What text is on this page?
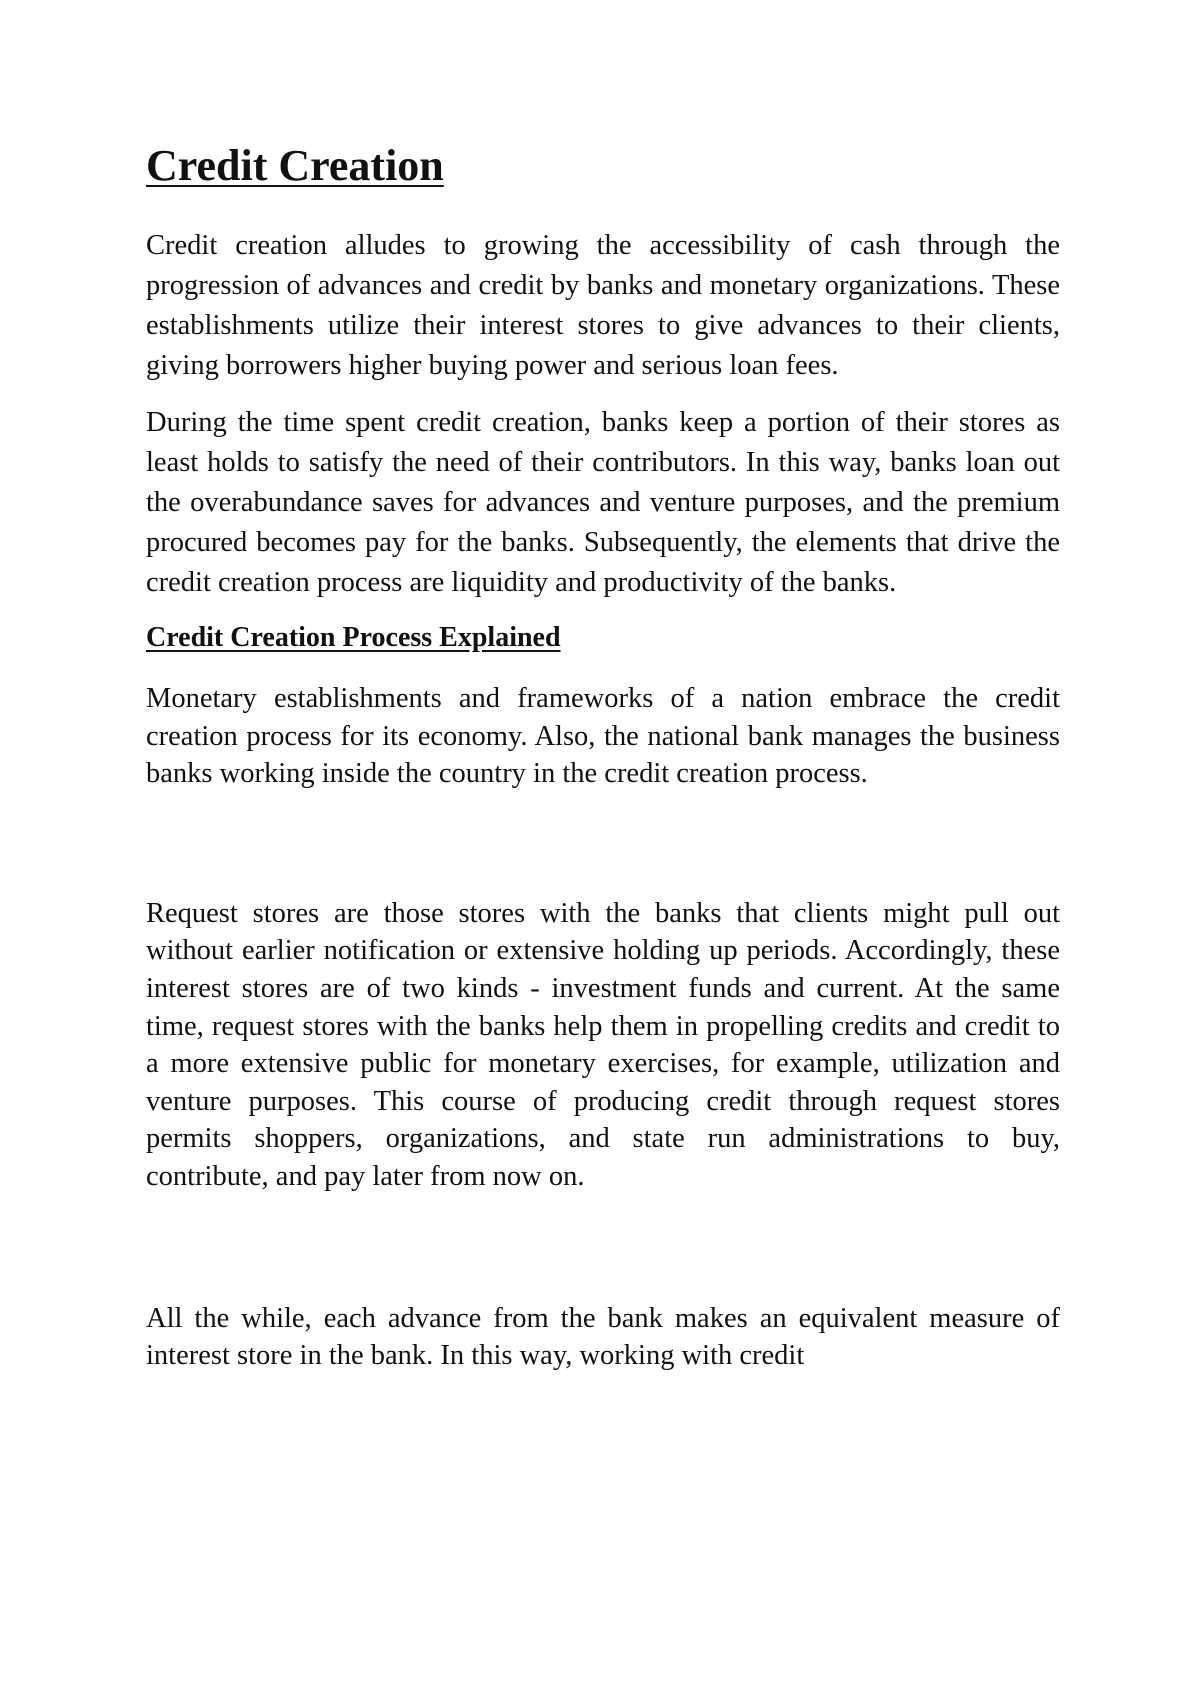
Credit Creation

Credit creation alludes to growing the accessibility of cash through the progression of advances and credit by banks and monetary organizations. These establishments utilize their interest stores to give advances to their clients, giving borrowers higher buying power and serious loan fees.

During the time spent credit creation, banks keep a portion of their stores as least holds to satisfy the need of their contributors. In this way, banks loan out the overabundance saves for advances and venture purposes, and the premium procured becomes pay for the banks. Subsequently, the elements that drive the credit creation process are liquidity and productivity of the banks.

Credit Creation Process Explained

Monetary establishments and frameworks of a nation embrace the credit creation process for its economy. Also, the national bank manages the business banks working inside the country in the credit creation process.

Request stores are those stores with the banks that clients might pull out without earlier notification or extensive holding up periods. Accordingly, these interest stores are of two kinds - investment funds and current. At the same time, request stores with the banks help them in propelling credits and credit to a more extensive public for monetary exercises, for example, utilization and venture purposes. This course of producing credit through request stores permits shoppers, organizations, and state run administrations to buy, contribute, and pay later from now on.

All the while, each advance from the bank makes an equivalent measure of interest store in the bank. In this way, working with credit
